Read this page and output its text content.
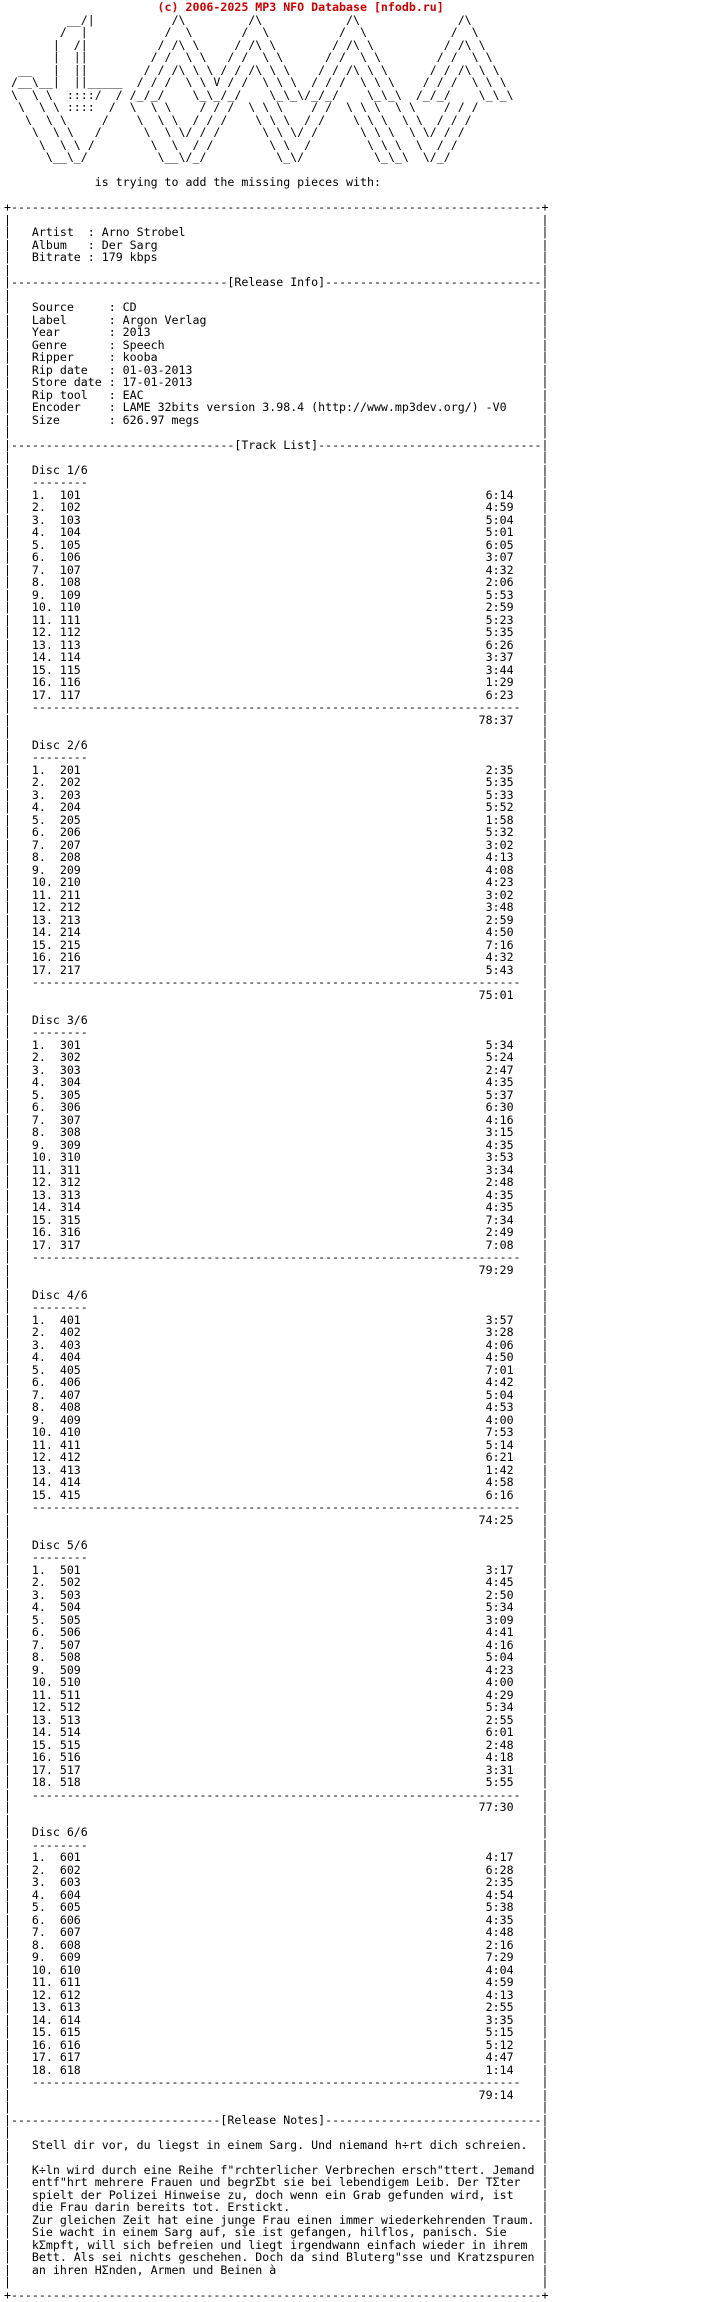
(c) 2006-2025 MP3 NFO Database [nfodb.ru]
__/|           /\         /\            /\              /\
/  |           /  \       /  \          /  \            /  \
|  /|          / /\ \     / /\ \        / /\ \          / /\ \
|  ||         / /  \ \   / /  \ \      / /  \ \        / /  \ \
__   |  ||        / / /\ \ \ / / /\ \ \    / / /\ \ \      / / /\ \ \
/__\__|  ||_____  / / /  \ \ V / /  \ \ \  / / /  \ \ \    / / /  \ \ \
\  \ \  ::::/  / /_/_/    \_\_/_/    \_\_\/_/_/    \_\_\  /_/_/    \_\_\
\  \ \ ::::  /  \  \ \    / / /  \ \ \    / /  \ \ \  \ \    / / /
\  \ \     /    \  \ \  / / /    \ \ \  / /    \ \ \  \ \  / / /
\  \ \   /      \  \ \/ / /      \ \ \/ /      \ \ \  \ \/ / /
\  \ \ /        \  \  / /        \ \  /        \ \ \  \  / /
\__\_/          \__\/_/          \_\/          \_\_\  \/_/

is trying to add the missing pieces with:

+----------------------------------------------------------------------------+
|                                                                            |
|   Artist  : Arno Strobel                                                   |
|   Album   : Der Sarg                                                       |
|   Bitrate : 179 kbps                                                       |
|                                                                            |
|-------------------------------[Release Info]-------------------------------|
|                                                                            |
|   Source     : CD                                                          |
|   Label      : Argon Verlag                                                |
|   Year       : 2013                                                        |
|   Genre      : Speech                                                      |
|   Ripper     : kooba                                                       |
|   Rip date   : 01-03-2013                                                  |
|   Store date : 17-01-2013                                                  |
|   Rip tool   : EAC                                                         |
|   Encoder    : LAME 32bits version 3.98.4 (http://www.mp3dev.org/) -V0     |
|   Size       : 626.97 megs                                                 |
|                                                                            |
|--------------------------------[Track List]--------------------------------|
|                                                                            |
|   Disc 1/6                                                                 |
|   --------                                                                 |
|   1.  101	6:14    |
|   2.  102	4:59    |
|   3.  103	5:04    |
|   4.  104	5:01    |
|   5.  105	6:05    |
|   6.  106	3:07    |
|   7.  107	4:32    |
|   8.  108	2:06    |
|   9.  109	5:53    |
|   10. 110	2:59    |
|   11. 111	5:23    |
|   12. 112	5:35    |
|   13. 113	6:26    |
|   14. 114	3:37    |
|   15. 115	3:44    |
|   16. 116	1:29    |
|   17. 117	6:23    |
|   ----------------------------------------------------------------------   |
|                                                                   78:37    |
|                                                                            |
|   Disc 2/6                                                                 |
|   --------                                                                 |
|   1.  201	2:35    |
|   2.  202	5:35    |
|   3.  203	5:33    |
|   4.  204	5:52    |
|   5.  205	1:58    |
|   6.  206	5:32    |
|   7.  207	3:02    |
|   8.  208	4:13    |
|   9.  209	4:08    |
|   10. 210	4:23    |
|   11. 211	3:02    |
|   12. 212	3:48    |
|   13. 213	2:59    |
|   14. 214	4:50    |
|   15. 215	7:16    |
|   16. 216	4:32    |
|   17. 217	5:43    |
|   ----------------------------------------------------------------------   |
|                                                                   75:01    |
|                                                                            |
|   Disc 3/6                                                                 |
|   --------                                                                 |
|   1.  301	5:34    |
|   2.  302	5:24    |
|   3.  303	2:47    |
|   4.  304	4:35    |
|   5.  305	5:37    |
|   6.  306	6:30    |
|   7.  307	4:16    |
|   8.  308	3:15    |
|   9.  309	4:35    |
|   10. 310	3:53    |
|   11. 311	3:34    |
|   12. 312	2:48    |
|   13. 313	4:35    |
|   14. 314	4:35    |
|   15. 315	7:34    |
|   16. 316	2:49    |
|   17. 317	7:08    |
|   ----------------------------------------------------------------------   |
|                                                                   79:29    |
|                                                                            |
|   Disc 4/6                                                                 |
|   --------                                                                 |
|   1.  401	3:57    |
|   2.  402	3:28    |
|   3.  403	4:06    |
|   4.  404	4:50    |
|   5.  405	7:01    |
|   6.  406	4:42    |
|   7.  407	5:04    |
|   8.  408	4:53    |
|   9.  409	4:00    |
|   10. 410	7:53    |
|   11. 411	5:14    |
|   12. 412	6:21    |
|   13. 413	1:42    |
|   14. 414	4:58    |
|   15. 415	6:16    |
|   ----------------------------------------------------------------------   |
|                                                                   74:25    |
|                                                                            |
|   Disc 5/6                                                                 |
|   --------                                                                 |
|   1.  501	3:17    |
|   2.  502	4:45    |
|   3.  503	2:50    |
|   4.  504	5:34    |
|   5.  505	3:09    |
|   6.  506	4:41    |
|   7.  507	4:16    |
|   8.  508	5:04    |
|   9.  509	4:23    |
|   10. 510	4:00    |
|   11. 511	4:29    |
|   12. 512	5:34    |
|   13. 513	2:55    |
|   14. 514	6:01    |
|   15. 515	2:48    |
|   16. 516	4:18    |
|   17. 517	3:31    |
|   18. 518	5:55    |
|   ----------------------------------------------------------------------   |
|                                                                   77:30    |
|                                                                            |
|   Disc 6/6                                                                 |
|   --------                                                                 |
|   1.  601	4:17    |
|   2.  602	6:28    |
|   3.  603	2:35    |
|   4.  604	4:54    |
|   5.  605	5:38    |
|   6.  606	4:35    |
|   7.  607	4:48    |
|   8.  608	2:16    |
|   9.  609	7:29    |
|   10. 610	4:04    |
|   11. 611	4:59    |
|   12. 612	4:13    |
|   13. 613	2:55    |
|   14. 614	3:35    |
|   15. 615	5:15    |
|   16. 616	5:12    |
|   17. 617	4:47    |
|   18. 618	1:14    |
|   ----------------------------------------------------------------------   |
|                                                                   79:14    |
|                                                                            |
|------------------------------[Release Notes]-------------------------------|
|                                                                            |
|   Stell dir vor, du liegst in einem Sarg. Und niemand h÷rt dich schreien.  |
|                                                                            |
|   K÷ln wird durch eine Reihe f"rchterlicher Verbrechen ersch"ttert. Jemand |
|   entf"hrt mehrere Frauen und begrΣbt sie bei lebendigem Leib. Der TΣter   |
|   spielt der Polizei Hinweise zu, doch wenn ein Grab gefunden wird, ist    |
|   die Frau darin bereits tot. Erstickt.                                    |
|   Zur gleichen Zeit hat eine junge Frau einen immer wiederkehrenden Traum. |
|   Sie wacht in einem Sarg auf, sie ist gefangen, hilflos, panisch. Sie     |
|   kΣmpft, will sich befreien und liegt irgendwann einfach wieder in ihrem  |
|   Bett. Als sei nichts geschehen. Doch da sind Bluterg"sse und Kratzspuren |
|   an ihren HΣnden, Armen und Beinen à                                      |
|                                                                            |
+----------------------------------------------------------------------------+
